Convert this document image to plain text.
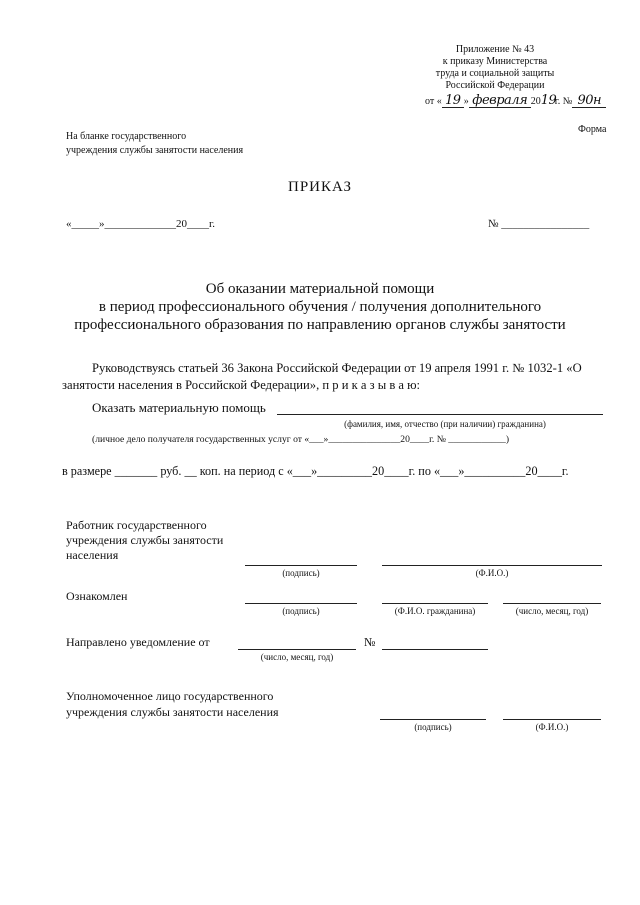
Приложение № 43
к приказу Министерства
труда и социальной защиты
Российской Федерации
от « 19 » февраля 2019г. № 90н
Форма
На бланке государственного
учреждения службы занятости населения
ПРИКАЗ
«_____»_____________20____г.	№ ________________
Об оказании материальной помощи
в период профессионального обучения / получения дополнительного
профессионального образования по направлению органов службы занятости
Руководствуясь статьей 36 Закона Российской Федерации от 19 апреля 1991 г. № 1032-1 «О
занятости населения в Российской Федерации», п р и к а з ы в а ю:
Оказать материальную помощь
(фамилия, имя, отчество (при наличии) гражданина)
(личное дело получателя государственных услуг от «___»_______________20____г. № ____________)
в размере _______ руб. __ коп. на период с «___»_________20____г. по «___»__________20____г.
Работник государственного
учреждения службы занятости
населения
(подпись)	(Ф.И.О.)
Ознакомлен
(подпись)	(Ф.И.О. гражданина)	(число, месяц, год)
Направлено уведомление от	№
(число, месяц, год)
Уполномоченное лицо государственного
учреждения службы занятости населения
(подпись)	(Ф.И.О.)
